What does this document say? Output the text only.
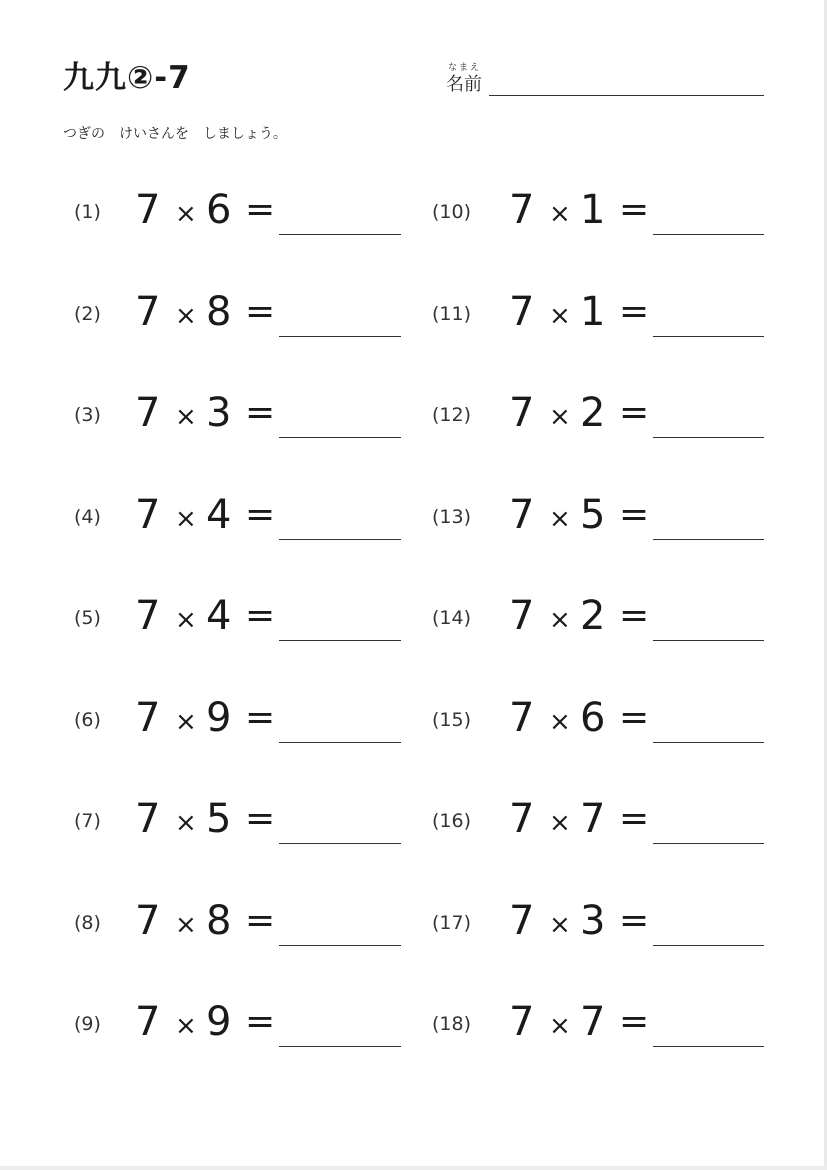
九九②-7	なまえ
名前
つぎの　けいさんを　しましょう。
(1) 7 × 6 =
(2) 7 × 8 =
(3) 7 × 3 =
(4) 7 × 4 =
(5) 7 × 4 =
(6) 7 × 9 =
(7) 7 × 5 =
(8) 7 × 8 =
(9) 7 × 9 =
(10) 7 × 1 =
(11) 7 × 1 =
(12) 7 × 2 =
(13) 7 × 5 =
(14) 7 × 2 =
(15) 7 × 6 =
(16) 7 × 7 =
(17) 7 × 3 =
(18) 7 × 7 =
